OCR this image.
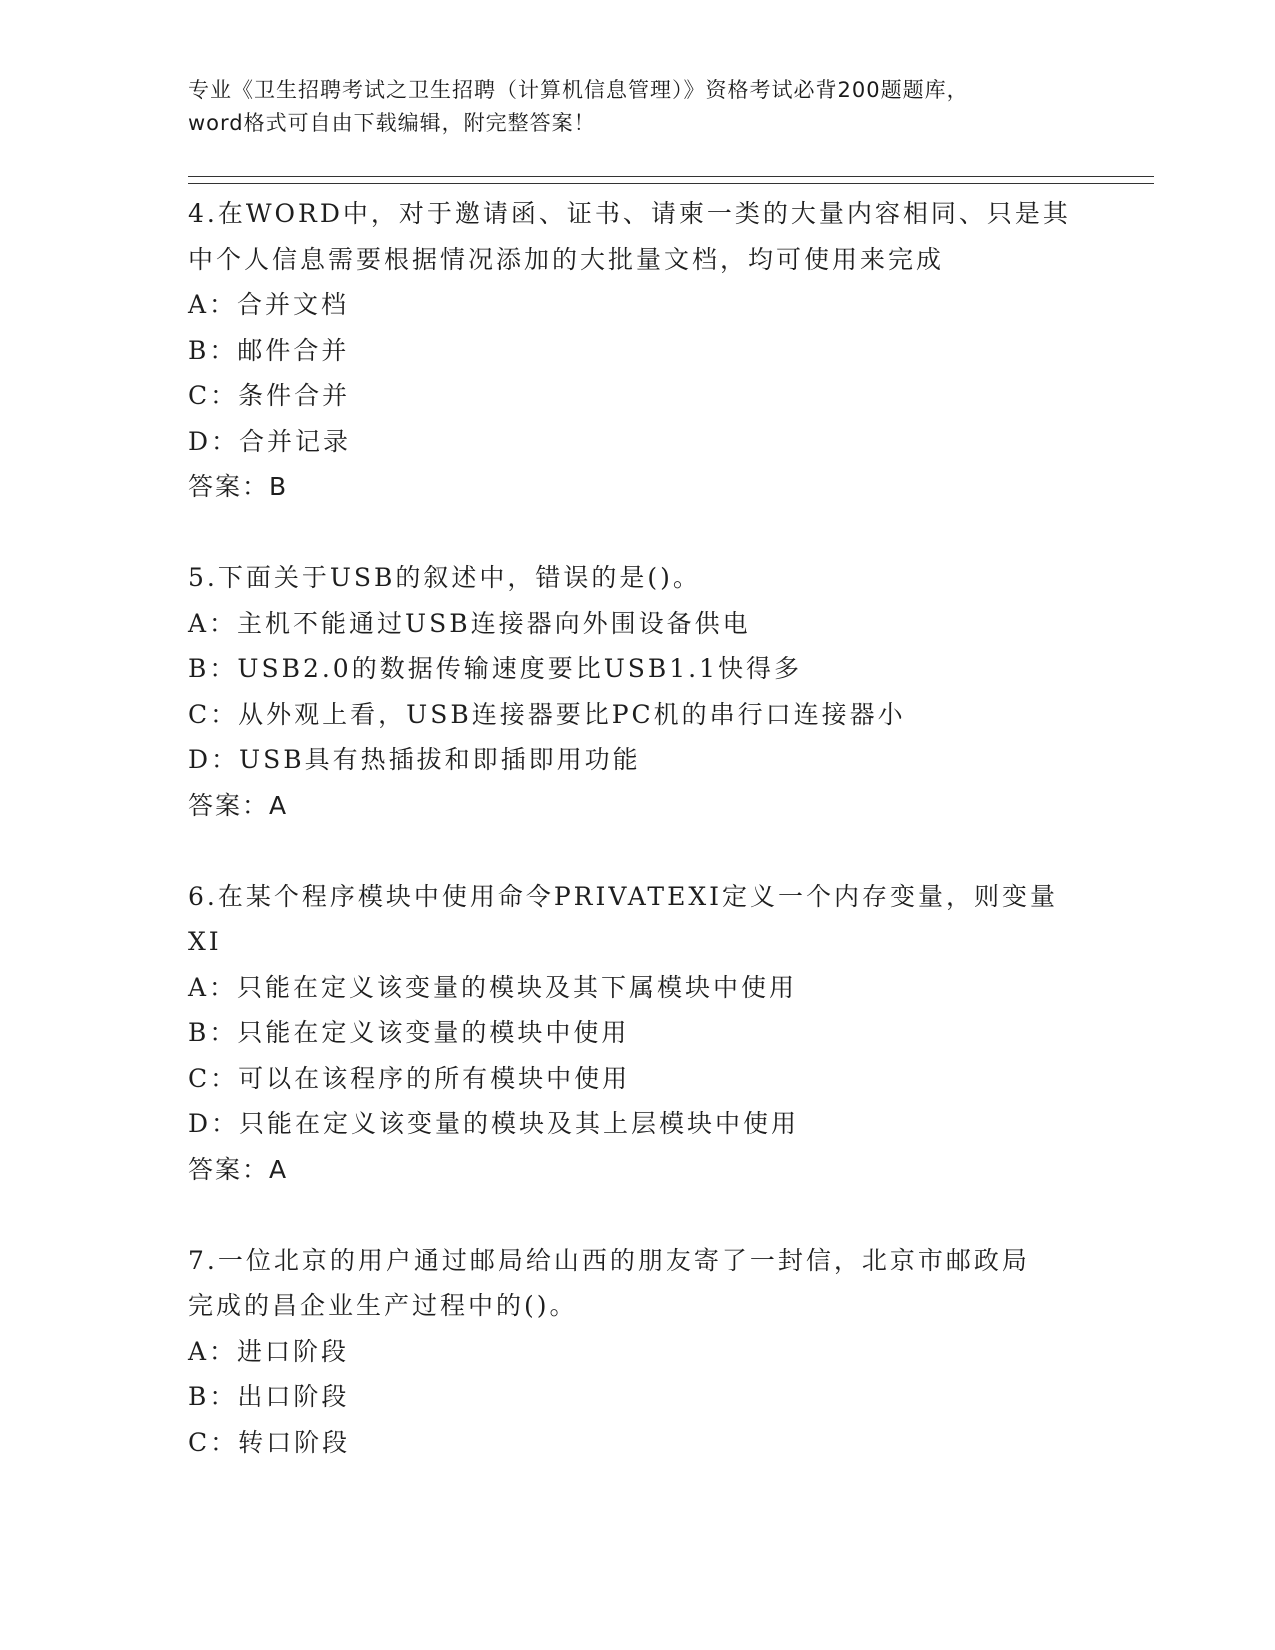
专业《卫生招聘考试之卫生招聘（计算机信息管理）》资格考试必背200题题库，
word格式可自由下载编辑，附完整答案！
4.在WORD中，对于邀请函、证书、请柬一类的大量内容相同、只是其
中个人信息需要根据情况添加的大批量文档，均可使用来完成
A：合并文档
B：邮件合并
C：条件合并
D：合并记录
答案：B
5.下面关于USB的叙述中，错误的是()。
A：主机不能通过USB连接器向外围设备供电
B：USB2.0的数据传输速度要比USB1.1快得多
C：从外观上看，USB连接器要比PC机的串行口连接器小
D：USB具有热插拔和即插即用功能
答案：A
6.在某个程序模块中使用命令PRIVATEXI定义一个内存变量，则变量
XI
A：只能在定义该变量的模块及其下属模块中使用
B：只能在定义该变量的模块中使用
C：可以在该程序的所有模块中使用
D：只能在定义该变量的模块及其上层模块中使用
答案：A
7.一位北京的用户通过邮局给山西的朋友寄了一封信，北京市邮政局
完成的昌企业生产过程中的()。
A：进口阶段
B：出口阶段
C：转口阶段
